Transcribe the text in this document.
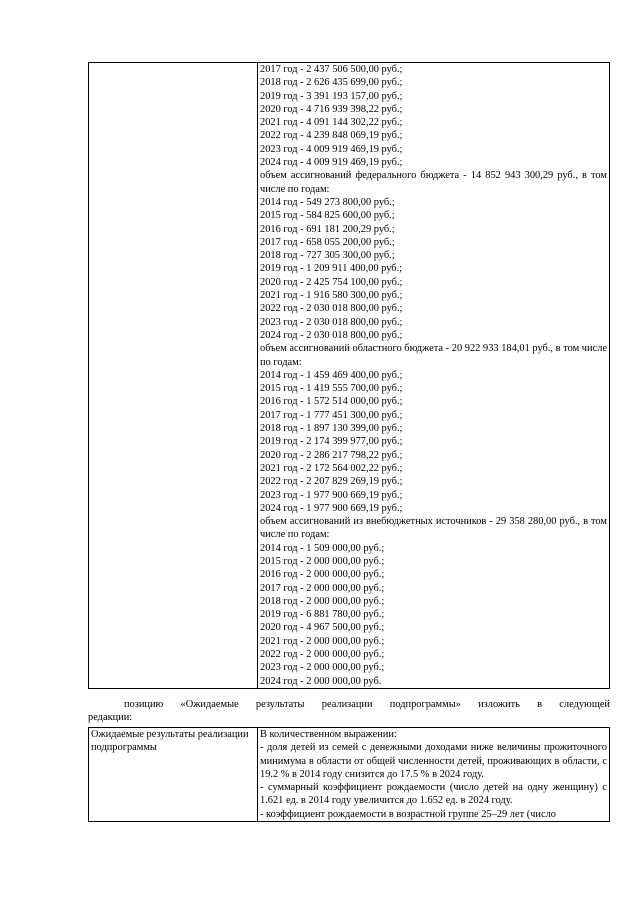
2017 год - 2 437 506 500,00 руб.;
2018 год - 2 626 435 699,00 руб.;
2019 год - 3 391 193 157,00 руб.;
2020 год - 4 716 939 398,22 руб.;
2021 год - 4 091 144 302,22 руб.;
2022 год - 4 239 848 069,19 руб.;
2023 год - 4 009 919 469,19 руб.;
2024 год - 4 009 919 469,19 руб.;
объем ассигнований федерального бюджета - 14 852 943 300,29 руб., в том числе по годам:
2014 год - 549 273 800,00 руб.;
2015 год - 584 825 600,00 руб.;
2016 год - 691 181 200,29 руб.;
2017 год - 658 055 200,00 руб.;
2018 год - 727 305 300,00 руб.;
2019 год - 1 209 911 400,00 руб.;
2020 год - 2 425 754 100,00 руб.;
2021 год - 1 916 580 300,00 руб.;
2022 год - 2 030 018 800,00 руб.;
2023 год - 2 030 018 800,00 руб.;
2024 год - 2 030 018 800,00 руб.;
объем ассигнований областного бюджета - 20 922 933 184,01 руб., в том числе по годам:
2014 год - 1 459 469 400,00 руб.;
2015 год - 1 419 555 700,00 руб.;
2016 год - 1 572 514 000,00 руб.;
2017 год - 1 777 451 300,00 руб.;
2018 год - 1 897 130 399,00 руб.;
2019 год - 2 174 399 977,00 руб.;
2020 год - 2 286 217 798,22 руб.;
2021 год - 2 172 564 002,22 руб.;
2022 год - 2 207 829 269,19 руб.;
2023 год - 1 977 900 669,19 руб.;
2024 год - 1 977 900 669,19 руб.;
объем ассигнований из внебюджетных источников - 29 358 280,00 руб., в том числе по годам:
2014 год - 1 509 000,00 руб.;
2015 год - 2 000 000,00 руб.;
2016 год - 2 000 000,00 руб.;
2017 год - 2 000 000,00 руб.;
2018 год - 2 000 000,00 руб.;
2019 год - 6 881 780,00 руб.;
2020 год - 4 967 500,00 руб.;
2021 год - 2 000 000,00 руб.;
2022 год - 2 000 000,00 руб.;
2023 год - 2 000 000,00 руб.;
2024 год - 2 000 000,00 руб.
позицию «Ожидаемые результаты реализации подпрограммы» изложить в следующей
редакции:
Ожидаемые результаты реализации подпрограммы

В количественном выражении:
- доля детей из семей с денежными доходами ниже величины прожиточного минимума в области от общей численности детей, проживающих в области, с 19.2 % в 2014 году снизится до 17.5 % в 2024 году.
- суммарный коэффициент рождаемости (число детей на одну женщину) с 1.621 ед. в 2014 году увеличится до 1.652 ед. в 2024 году.
- коэффициент рождаемости в возрастной группе 25–29 лет (число
